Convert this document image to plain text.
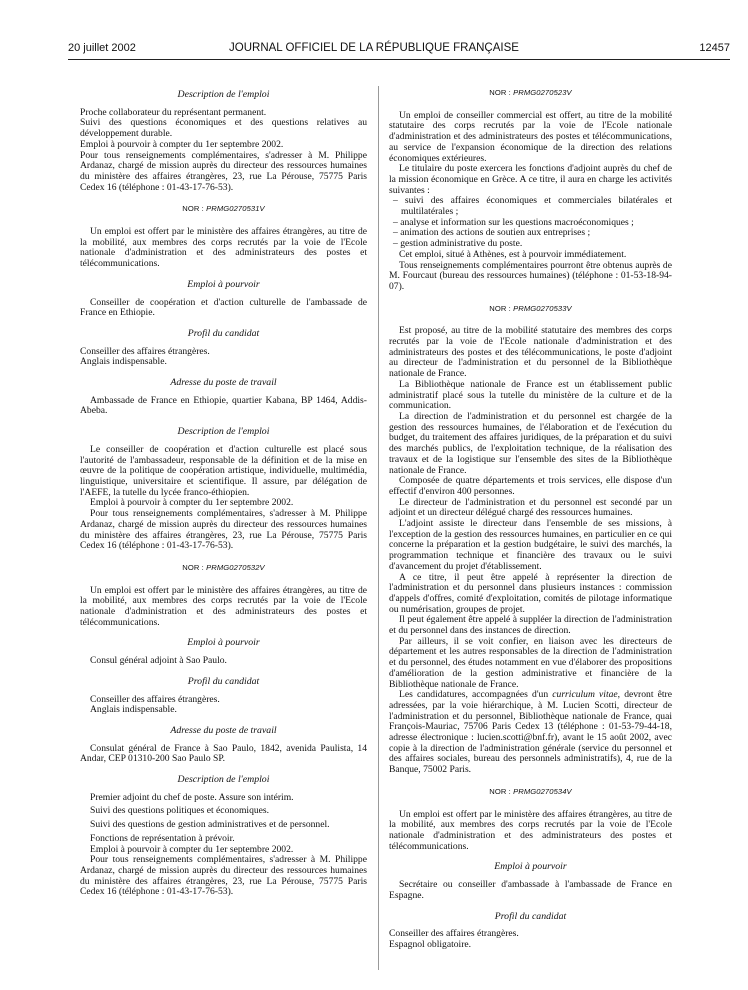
20 juillet 2002	JOURNAL OFFICIEL DE LA RÉPUBLIQUE FRANÇAISE	12457
Description de l'emploi

Proche collaborateur du représentant permanent.

Suivi des questions économiques et des questions relatives au développement durable.

Emploi à pourvoir à compter du 1er septembre 2002.

Pour tous renseignements complémentaires, s'adresser à M. Philippe Ardanaz, chargé de mission auprès du directeur des ressources humaines du ministère des affaires étrangères, 23, rue La Pérouse, 75775 Paris Cedex 16 (téléphone : 01-43-17-76-53).

NOR : PRMG0270531V

Un emploi est offert par le ministère des affaires étrangères, au titre de la mobilité, aux membres des corps recrutés par la voie de l'Ecole nationale d'administration et des administrateurs des postes et télécommunications.

Emploi à pourvoir

Conseiller de coopération et d'action culturelle de l'ambassade de France en Ethiopie.

Profil du candidat

Conseiller des affaires étrangères.

Anglais indispensable.

Adresse du poste de travail

Ambassade de France en Ethiopie, quartier Kabana, BP 1464, Addis-Abeba.

Description de l'emploi

Le conseiller de coopération et d'action culturelle est placé sous l'autorité de l'ambassadeur, responsable de la définition et de la mise en œuvre de la politique de coopération artistique, individuelle, multimédia, linguistique, universitaire et scientifique. Il assure, par délégation de l'AEFE, la tutelle du lycée franco-éthiopien.

Emploi à pourvoir à compter du 1er septembre 2002.

Pour tous renseignements complémentaires, s'adresser à M. Philippe Ardanaz, chargé de mission auprès du directeur des ressources humaines du ministère des affaires étrangères, 23, rue La Pérouse, 75775 Paris Cedex 16 (téléphone : 01-43-17-76-53).

NOR : PRMG0270532V

Un emploi est offert par le ministère des affaires étrangères, au titre de la mobilité, aux membres des corps recrutés par la voie de l'Ecole nationale d'administration et des administrateurs des postes et télécommunications.

Emploi à pourvoir

Consul général adjoint à Sao Paulo.

Profil du candidat

Conseiller des affaires étrangères.

Anglais indispensable.

Adresse du poste de travail

Consulat général de France à Sao Paulo, 1842, avenida Paulista, 14 Andar, CEP 01310-200 Sao Paulo SP.

Description de l'emploi

Premier adjoint du chef de poste. Assure son intérim.

Suivi des questions politiques et économiques.

Suivi des questions de gestion administratives et de personnel.

Fonctions de représentation à prévoir.

Emploi à pourvoir à compter du 1er septembre 2002.

Pour tous renseignements complémentaires, s'adresser à M. Philippe Ardanaz, chargé de mission auprès du directeur des ressources humaines du ministère des affaires étrangères, 23, rue La Pérouse, 75775 Paris Cedex 16 (téléphone : 01-43-17-76-53).

NOR : PRMG0270523V

Un emploi de conseiller commercial est offert, au titre de la mobilité statutaire des corps recrutés par la voie de l'Ecole nationale d'administration et des administrateurs des postes et télécommunications, au service de l'expansion économique de la direction des relations économiques extérieures.

Le titulaire du poste exercera les fonctions d'adjoint auprès du chef de la mission économique en Grèce. A ce titre, il aura en charge les activités suivantes :

– suivi des affaires économiques et commerciales bilatérales et multilatérales ;
– analyse et information sur les questions macroéconomiques ;
– animation des actions de soutien aux entreprises ;
– gestion administrative du poste.

Cet emploi, situé à Athènes, est à pourvoir immédiatement.

Tous renseignements complémentaires pourront être obtenus auprès de M. Fourcaut (bureau des ressources humaines) (téléphone : 01-53-18-94-07).

NOR : PRMG0270533V

Est proposé, au titre de la mobilité statutaire des membres des corps recrutés par la voie de l'Ecole nationale d'administration et des administrateurs des postes et des télécommunications, le poste d'adjoint au directeur de l'administration et du personnel de la Bibliothèque nationale de France.

La Bibliothèque nationale de France est un établissement public administratif placé sous la tutelle du ministère de la culture et de la communication.

La direction de l'administration et du personnel est chargée de la gestion des ressources humaines, de l'élaboration et de l'exécution du budget, du traitement des affaires juridiques, de la préparation et du suivi des marchés publics, de l'exploitation technique, de la réalisation des travaux et de la logistique sur l'ensemble des sites de la Bibliothèque nationale de France.

Composée de quatre départements et trois services, elle dispose d'un effectif d'environ 400 personnes.

Le directeur de l'administration et du personnel est secondé par un adjoint et un directeur délégué chargé des ressources humaines.

L'adjoint assiste le directeur dans l'ensemble de ses missions, à l'exception de la gestion des ressources humaines, en particulier en ce qui concerne la préparation et la gestion budgétaire, le suivi des marchés, la programmation technique et financière des travaux ou le suivi d'avancement du projet d'établissement.

A ce titre, il peut être appelé à représenter la direction de l'administration et du personnel dans plusieurs instances : commission d'appels d'offres, comité d'exploitation, comités de pilotage informatique ou numérisation, groupes de projet.

Il peut également être appelé à suppléer la direction de l'administration et du personnel dans des instances de direction.

Par ailleurs, il se voit confier, en liaison avec les directeurs de département et les autres responsables de la direction de l'administration et du personnel, des études notamment en vue d'élaborer des propositions d'amélioration de la gestion administrative et financière de la Bibliothèque nationale de France.

Les candidatures, accompagnées d'un curriculum vitae, devront être adressées, par la voie hiérarchique, à M. Lucien Scotti, directeur de l'administration et du personnel, Bibliothèque nationale de France, quai François-Mauriac, 75706 Paris Cedex 13 (téléphone : 01-53-79-44-18, adresse électronique : lucien.scotti@bnf.fr), avant le 15 août 2002, avec copie à la direction de l'administration générale (service du personnel et des affaires sociales, bureau des personnels administratifs), 4, rue de la Banque, 75002 Paris.

NOR : PRMG0270534V

Un emploi est offert par le ministère des affaires étrangères, au titre de la mobilité, aux membres des corps recrutés par la voie de l'Ecole nationale d'administration et des administrateurs des postes et télécommunications.

Emploi à pourvoir

Secrétaire ou conseiller d'ambassade à l'ambassade de France en Espagne.

Profil du candidat

Conseiller des affaires étrangères.

Espagnol obligatoire.
